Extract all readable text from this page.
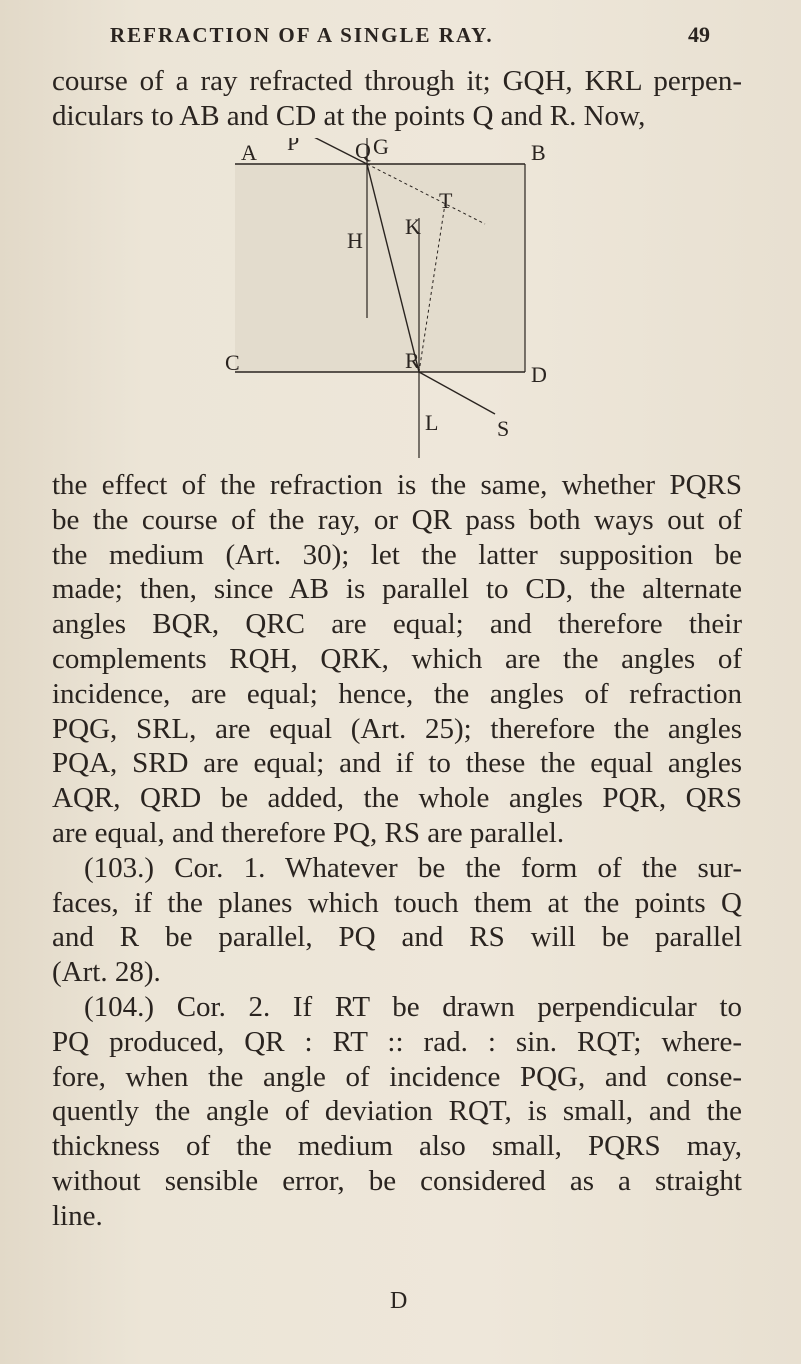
REFRACTION OF A SINGLE RAY.	49
course of a ray refracted through it; GQH, KRL perpen-
diculars to AB and CD at the points Q and R. Now,
P	G
A	Q	B
H
K
T
C	R
D
L	S
the effect of the refraction is the same, whether PQRS
be the course of the ray, or QR pass both ways out of
the medium (Art. 30); let the latter supposition be
made; then, since AB is parallel to CD, the alternate
angles BQR, QRC are equal; and therefore their
complements RQH, QRK, which are the angles of
incidence, are equal; hence, the angles of refraction
PQG, SRL, are equal (Art. 25); therefore the angles
PQA, SRD are equal; and if to these the equal angles
AQR, QRD be added, the whole angles PQR, QRS
are equal, and therefore PQ, RS are parallel.
(103.) Cor. 1. Whatever be the form of the sur-
faces, if the planes which touch them at the points Q
and R be parallel, PQ and RS will be parallel
(Art. 28).
(104.) Cor. 2. If RT be drawn perpendicular to
PQ produced, QR : RT :: rad. : sin. RQT; where-
fore, when the angle of incidence PQG, and conse-
quently the angle of deviation RQT, is small, and the
thickness of the medium also small, PQRS may,
without sensible error, be considered as a straight
line.
D
